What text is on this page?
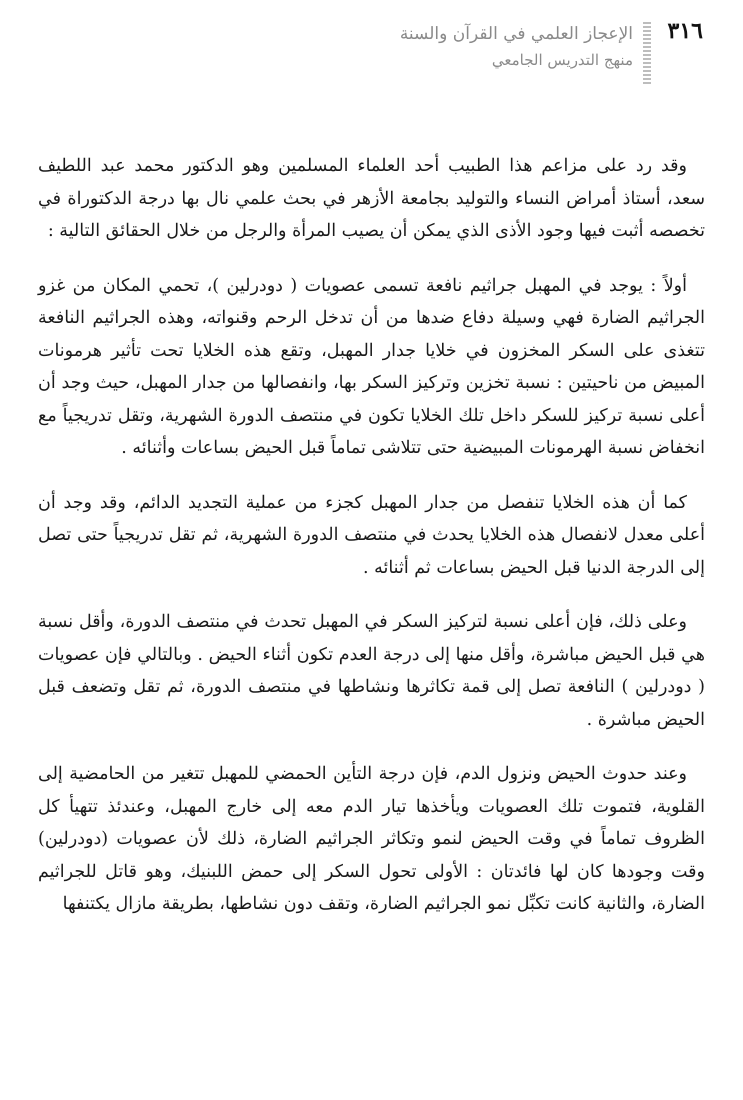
٣١٦
الإعجاز العلمي في القرآن والسنة
منهج التدريس الجامعي

وقد رد على مزاعم هذا الطبيب أحد العلماء المسلمين وهو الدكتور محمد عبد اللطيف سعد، أستاذ أمراض النساء والتوليد بجامعة الأزهر في بحث علمي نال بها درجة الدكتوراة في تخصصه أثبت فيها وجود الأذى الذي يمكن أن يصيب المرأة والرجل من خلال الحقائق التالية :

أولاً : يوجد في المهبل جراثيم نافعة تسمى عصويات ( دودرلين )، تحمي المكان من غزو الجراثيم الضارة فهي وسيلة دفاع ضدها من أن تدخل الرحم وقنواته، وهذه الجراثيم النافعة تتغذى على السكر المخزون في خلايا جدار المهبل، وتقع هذه الخلايا تحت تأثير هرمونات المبيض من ناحيتين : نسبة تخزين وتركيز السكر بها، وانفصالها من جدار المهبل، حيث وجد أن أعلى نسبة تركيز للسكر داخل تلك الخلايا تكون في منتصف الدورة الشهرية، وتقل تدريجياً مع انخفاض نسبة الهرمونات المبيضية حتى تتلاشى تماماً قبل الحيض بساعات وأثنائه .

كما أن هذه الخلايا تنفصل من جدار المهبل كجزء من عملية التجديد الدائم، وقد وجد أن أعلى معدل لانفصال هذه الخلايا يحدث في منتصف الدورة الشهرية، ثم تقل تدريجياً حتى تصل إلى الدرجة الدنيا قبل الحيض بساعات ثم أثنائه .

وعلى ذلك، فإن أعلى نسبة لتركيز السكر في المهبل تحدث في منتصف الدورة، وأقل نسبة هي قبل الحيض مباشرة، وأقل منها إلى درجة العدم تكون أثناء الحيض . وبالتالي فإن عصويات ( دودرلين ) النافعة تصل إلى قمة تكاثرها ونشاطها في منتصف الدورة، ثم تقل وتضعف قبل الحيض مباشرة .

وعند حدوث الحيض ونزول الدم، فإن درجة التأين الحمضي للمهبل تتغير من الحامضية إلى القلوية، فتموت تلك العصويات ويأخذها تيار الدم معه إلى خارج المهبل، وعندئذ تتهيأ كل الظروف تماماً في وقت الحيض لنمو وتكاثر الجراثيم الضارة، ذلك لأن عصويات (دودرلين) وقت وجودها كان لها فائدتان : الأولى تحول السكر إلى حمض اللبنيك، وهو قاتل للجراثيم الضارة، والثانية كانت تكبِّل نمو الجراثيم الضارة، وتقف دون نشاطها، بطريقة مازال يكتنفها
